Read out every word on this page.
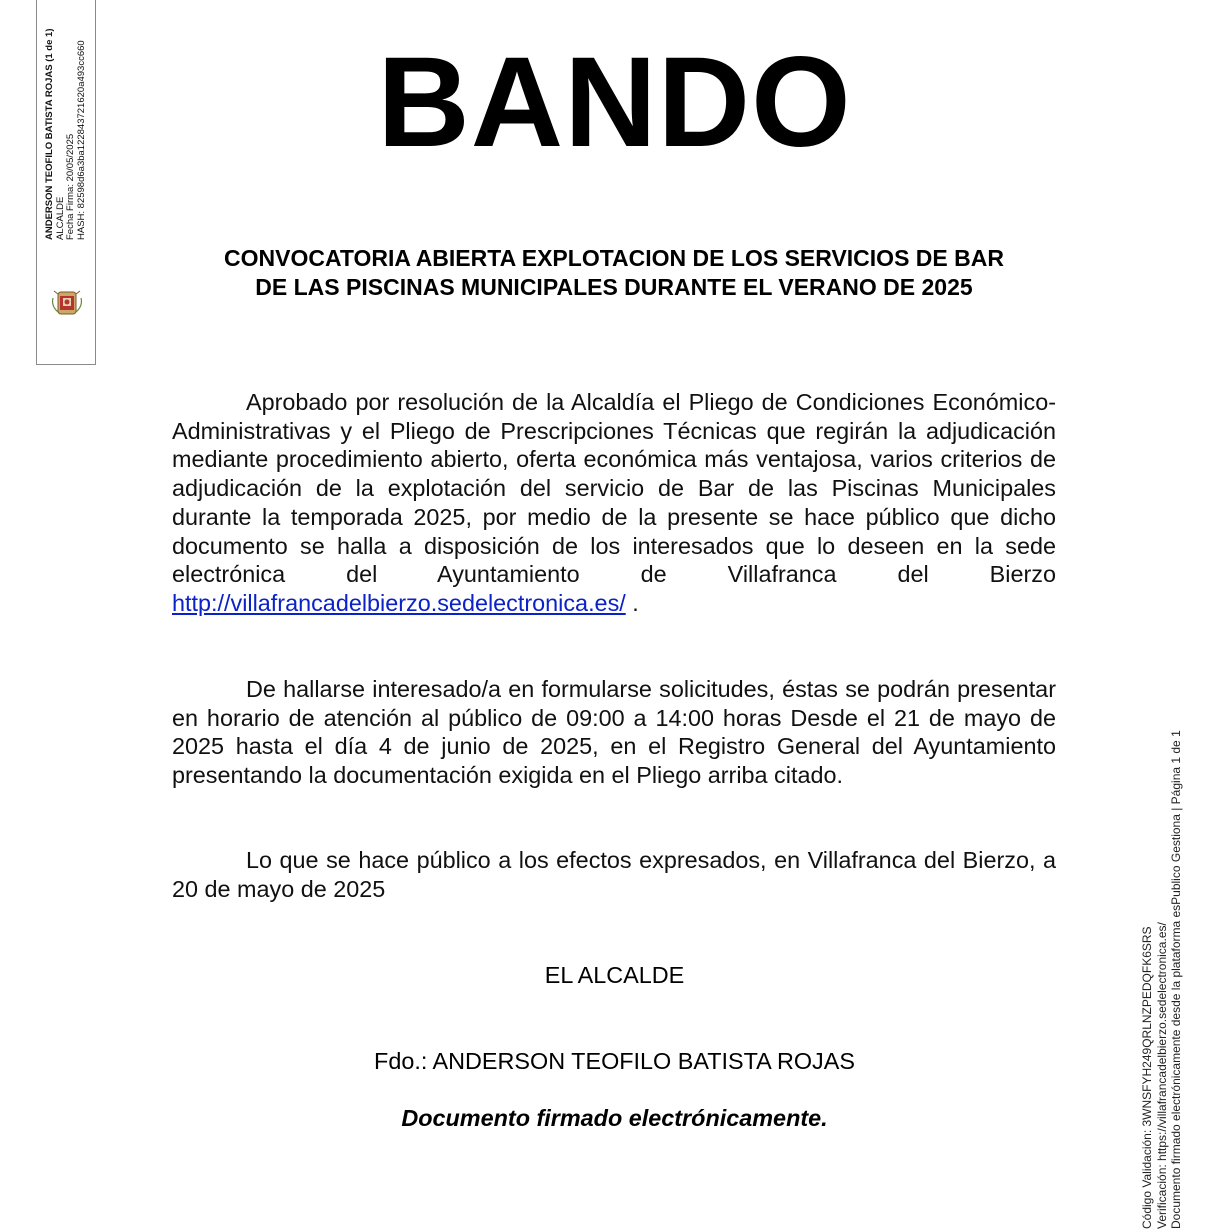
ANDERSON TEOFILO BATISTA ROJAS (1 de 1) ALCALDE Fecha Firma: 20/05/2025 HASH: 82598d6a3ba122843721620a493cc660	BANDO
CONVOCATORIA ABIERTA EXPLOTACION DE LOS SERVICIOS DE BAR
DE LAS PISCINAS MUNICIPALES DURANTE EL VERANO DE 2025
Aprobado por resolución de la Alcaldía el Pliego de Condiciones Económico-Administrativas y el Pliego de Prescripciones Técnicas que regirán la adjudicación mediante procedimiento abierto, oferta económica más ventajosa, varios criterios de adjudicación de la explotación del servicio de Bar de las Piscinas Municipales durante la temporada 2025, por medio de la presente se hace público que dicho documento se halla a disposición de los interesados que lo deseen en la sede electrónica del Ayuntamiento de Villafranca del Bierzo http://villafrancadelbierzo.sedelectronica.es/ .
De hallarse interesado/a en formularse solicitudes, éstas se podrán presentar en horario de atención al público de 09:00 a 14:00 horas Desde el 21 de mayo de 2025 hasta el día 4 de junio de 2025, en el Registro General del Ayuntamiento presentando la documentación exigida en el Pliego arriba citado.
Lo que se hace público a los efectos expresados, en Villafranca del Bierzo, a 20 de mayo de 2025
EL ALCALDE
Fdo.: ANDERSON TEOFILO BATISTA ROJAS
Documento firmado electrónicamente.	Código Validación: 3WNSFYH249QRLNZPEDQFK6SRS Verificación: https://villafrancadelbierzo.sedelectronica.es/ Documento firmado electrónicamente desde la plataforma esPublico Gestiona | Página 1 de 1
